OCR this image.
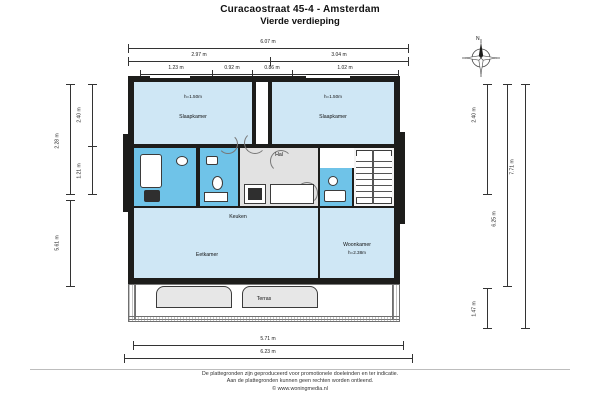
Curacaostraat 45-4 - Amsterdam
Vierde verdieping
N
6.07 m
2.97 m	3.04 m
1.23 m	0.92 m	0.86 m	1.02 m
2.40 m
1.21 m
2.28 m
5.61 m
2.40 m
1.47 m
6.25 m
7.71 m
5.71 m
6.23 m
h=1.50m
Slaapkamer
h=1.50m
Slaapkamer
Hal
Keuken
Eetkamer
Woonkamer
h=2.38m
Terras
De plattegronden zijn geproduceerd voor promotionele doeleinden en ter indicatie.
Aan de plattegronden kunnen geen rechten worden ontleend.
© www.woningmedia.nl
